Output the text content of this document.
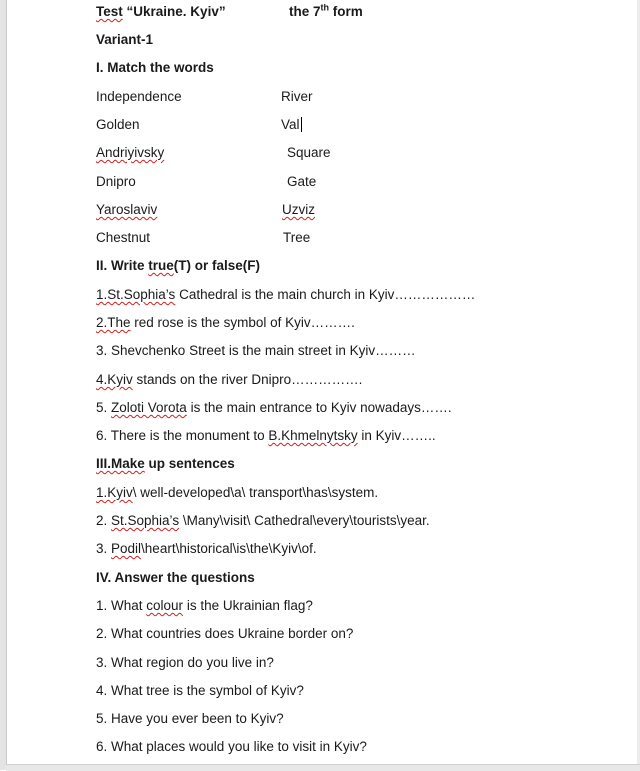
Test “Ukraine. Kyiv”	the 7th form
Variant-1
I. Match the words
Independence	River
Golden	Val
Andriyivsky	Square
Dnipro	Gate
Yaroslaviv	Uzviz
Chestnut	Tree
II. Write true(T) or false(F)
1.St.Sophia’s Cathedral is the main church in Kyiv………………
2.The red rose is the symbol of Kyiv……….
3. Shevchenko Street is the main street in Kyiv………
4.Kyiv stands on the river Dnipro…………….
5. Zoloti Vorota is the main entrance to Kyiv nowadays…….
6. There is the monument to B.Khmelnytsky in Kyiv……..
III.Make up sentences
1.Kyiv\ well-developed\a\ transport\has\system.
2. St.Sophia’s \Many\visit\ Cathedral\every\tourists\year.
3. Podil\heart\historical\is\the\Kyiv\of.
IV. Answer the questions
1. What colour is the Ukrainian flag?
2. What countries does Ukraine border on?
3. What region do you live in?
4. What tree is the symbol of Kyiv?
5. Have you ever been to Kyiv?
6. What places would you like to visit in Kyiv?
